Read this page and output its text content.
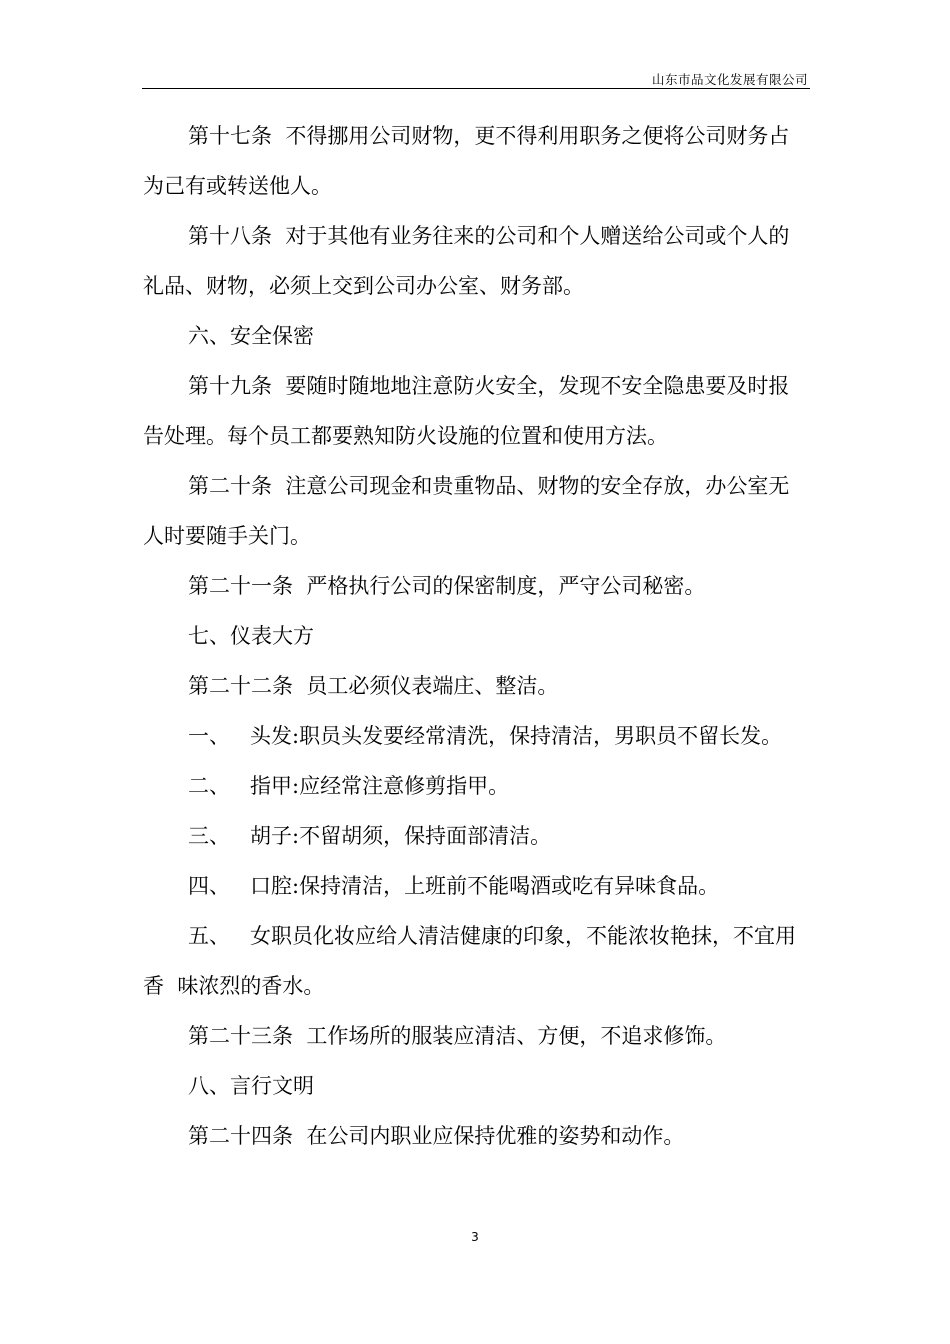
山东巿品文化发展有限公司
第十七条  不得挪用公司财物，更不得利用职务之便将公司财务占
为己有或转送他人。
第十八条  对于其他有业务往来的公司和个人赠送给公司或个人的
礼品、财物，必须上交到公司办公室、财务部。
六、安全保密
第十九条  要随时随地地注意防火安全，发现不安全隐患要及时报
告处理。每个员工都要熟知防火设施的位置和使用方法。
第二十条  注意公司现金和贵重物品、财物的安全存放，办公室无
人时要随手关门。
第二十一条  严格执行公司的保密制度，严守公司秘密。
七、仪表大方
第二十二条  员工必须仪表端庄、整洁。
一、   头发:职员头发要经常清洗，保持清洁，男职员不留长发。
二、   指甲:应经常注意修剪指甲。
三、   胡子:不留胡须，保持面部清洁。
四、   口腔:保持清洁，上班前不能喝酒或吃有异味食品。
五、   女职员化妆应给人清洁健康的印象，不能浓妆艳抹，不宜用
香  味浓烈的香水。
第二十三条  工作场所的服装应清洁、方便，不追求修饰。
八、言行文明
第二十四条  在公司内职业应保持优雅的姿势和动作。
3
